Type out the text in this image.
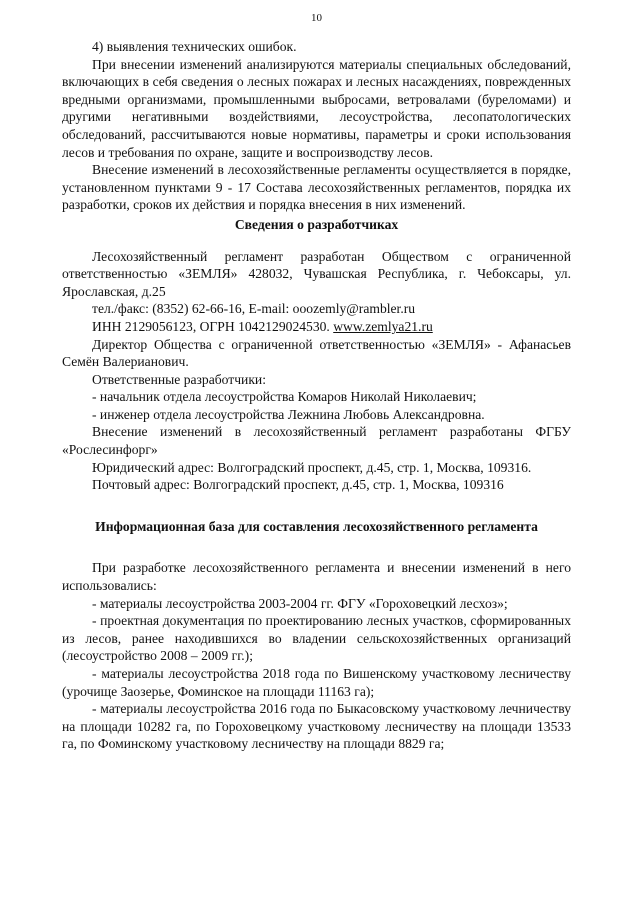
10

4) выявления технических ошибок.

При внесении изменений анализируются материалы специальных обследований, включающих в себя сведения о лесных пожарах и лесных насаждениях, поврежденных вредными организмами, промышленными выбросами, ветровалами (буреломами) и другими негативными воздействиями, лесоустройства, лесопатологических обследований, рассчитываются новые нормативы, параметры и сроки использования лесов и требования по охране, защите и воспроизводству лесов.

Внесение изменений в лесохозяйственные регламенты осуществляется в порядке, установленном пунктами 9 - 17 Состава лесохозяйственных регламентов, порядка их разработки, сроков их действия и порядка внесения в них изменений.

Сведения о разработчиках

Лесохозяйственный регламент разработан Обществом с ограниченной ответственностью «ЗЕМЛЯ» 428032, Чувашская Республика, г. Чебоксары, ул. Ярославская, д.25

тел./факс: (8352) 62-66-16, E-mail: ooozemly@rambler.ru

ИНН 2129056123, ОГРН 1042129024530. www.zemlya21.ru

Директор Общества с ограниченной ответственностью «ЗЕМЛЯ» - Афанасьев Семён Валерианович.

Ответственные разработчики:

- начальник отдела лесоустройства Комаров Николай Николаевич;

- инженер отдела лесоустройства Лежнина Любовь Александровна.

Внесение изменений в лесохозяйственный регламент разработаны ФГБУ «Рослесинфорг»

Юридический адрес: Волгоградский проспект, д.45, стр. 1, Москва, 109316.

Почтовый адрес: Волгоградский проспект, д.45, стр. 1, Москва, 109316

Информационная база для составления лесохозяйственного регламента

При разработке лесохозяйственного регламента и внесении изменений в него использовались:

- материалы лесоустройства 2003-2004 гг. ФГУ «Гороховецкий лесхоз»;

- проектная документация по проектированию лесных участков, сформированных из лесов, ранее находившихся во владении сельскохозяйственных организаций (лесоустройство 2008 – 2009 гг.);

- материалы лесоустройства 2018 года по Вишенскому участковому лесничеству (урочище Заозерье, Фоминское на площади 11163 га);

- материалы лесоустройства 2016 года по Быкасовскому участковому лечничеству на площади 10282 га, по Гороховецкому участковому лесничеству на площади 13533 га, по Фоминскому участковому лесничеству на площади 8829 га;
